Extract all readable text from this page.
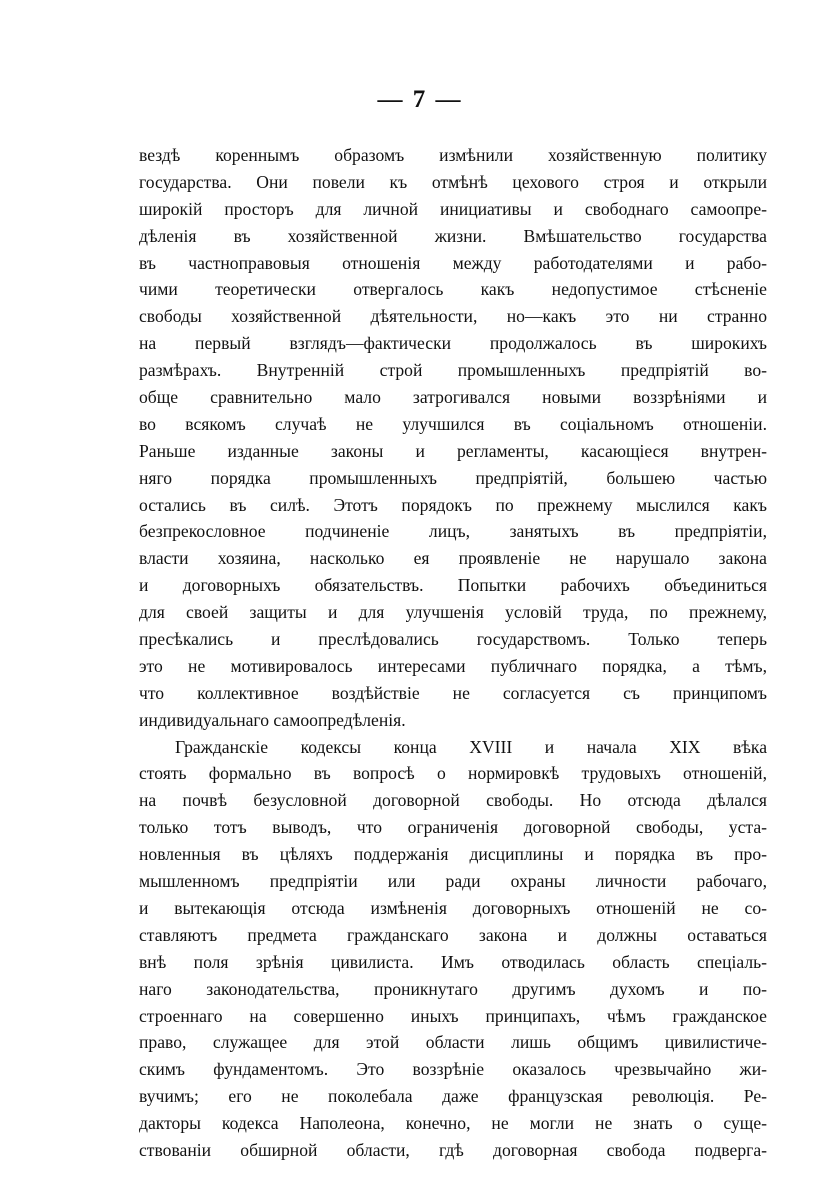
— 7 —
вездѣ кореннымъ образомъ измѣнили хозяйственную политику
государства. Они повели къ отмѣнѣ цехового строя и открыли
широкій просторъ для личной инициативы и свободнаго самоопре-
дѣленія въ хозяйственной жизни. Вмѣшательство государства
въ частноправовыя отношенія между работодателями и рабо-
чими теоретически отвергалось какъ недопустимое стѣсненіе
свободы хозяйственной дѣятельности, но—какъ это ни странно
на первый взглядъ—фактически продолжалось въ широкихъ
размѣрахъ. Внутренній строй промышленныхъ предпріятій во-
обще сравнительно мало затрогивался новыми воззрѣніями и
во всякомъ случаѣ не улучшился въ соціальномъ отношеніи.
Раньше изданные законы и регламенты, касающіеся внутрен-
няго порядка промышленныхъ предпріятій, большею частью
остались въ силѣ. Этотъ порядокъ по прежнему мыслился какъ
безпрекословное подчиненіе лицъ, занятыхъ въ предпріятіи,
власти хозяина, насколько ея проявленіе не нарушало закона
и договорныхъ обязательствъ. Попытки рабочихъ объединиться
для своей защиты и для улучшенія условій труда, по прежнему,
пресѣкались и преслѣдовались государствомъ. Только теперь
это не мотивировалось интересами публичнаго порядка, а тѣмъ,
что коллективное воздѣйствіе не согласуется съ принципомъ
индивидуальнаго самоопредѣленія.
Гражданскіе кодексы конца XVIII и начала XIX вѣка
стоять формально въ вопросѣ о нормировкѣ трудовыхъ отношеній,
на почвѣ безусловной договорной свободы. Но отсюда дѣлался
только тотъ выводъ, что ограниченія договорной свободы, уста-
новленныя въ цѣляхъ поддержанія дисциплины и порядка въ про-
мышленномъ предпріятіи или ради охраны личности рабочаго,
и вытекающія отсюда измѣненія договорныхъ отношеній не со-
ставляютъ предмета гражданскаго закона и должны оставаться
внѣ поля зрѣнія цивилиста. Имъ отводилась область спеціаль-
наго законодательства, проникнутаго другимъ духомъ и по-
строеннаго на совершенно иныхъ принципахъ, чѣмъ гражданское
право, служащее для этой области лишь общимъ цивилистиче-
скимъ фундаментомъ. Это воззрѣніе оказалось чрезвычайно жи-
вучимъ; его не поколебала даже французская революція. Ре-
дакторы кодекса Наполеона, конечно, не могли не знать о суще-
ствованіи обширной области, гдѣ договорная свобода подверга-
